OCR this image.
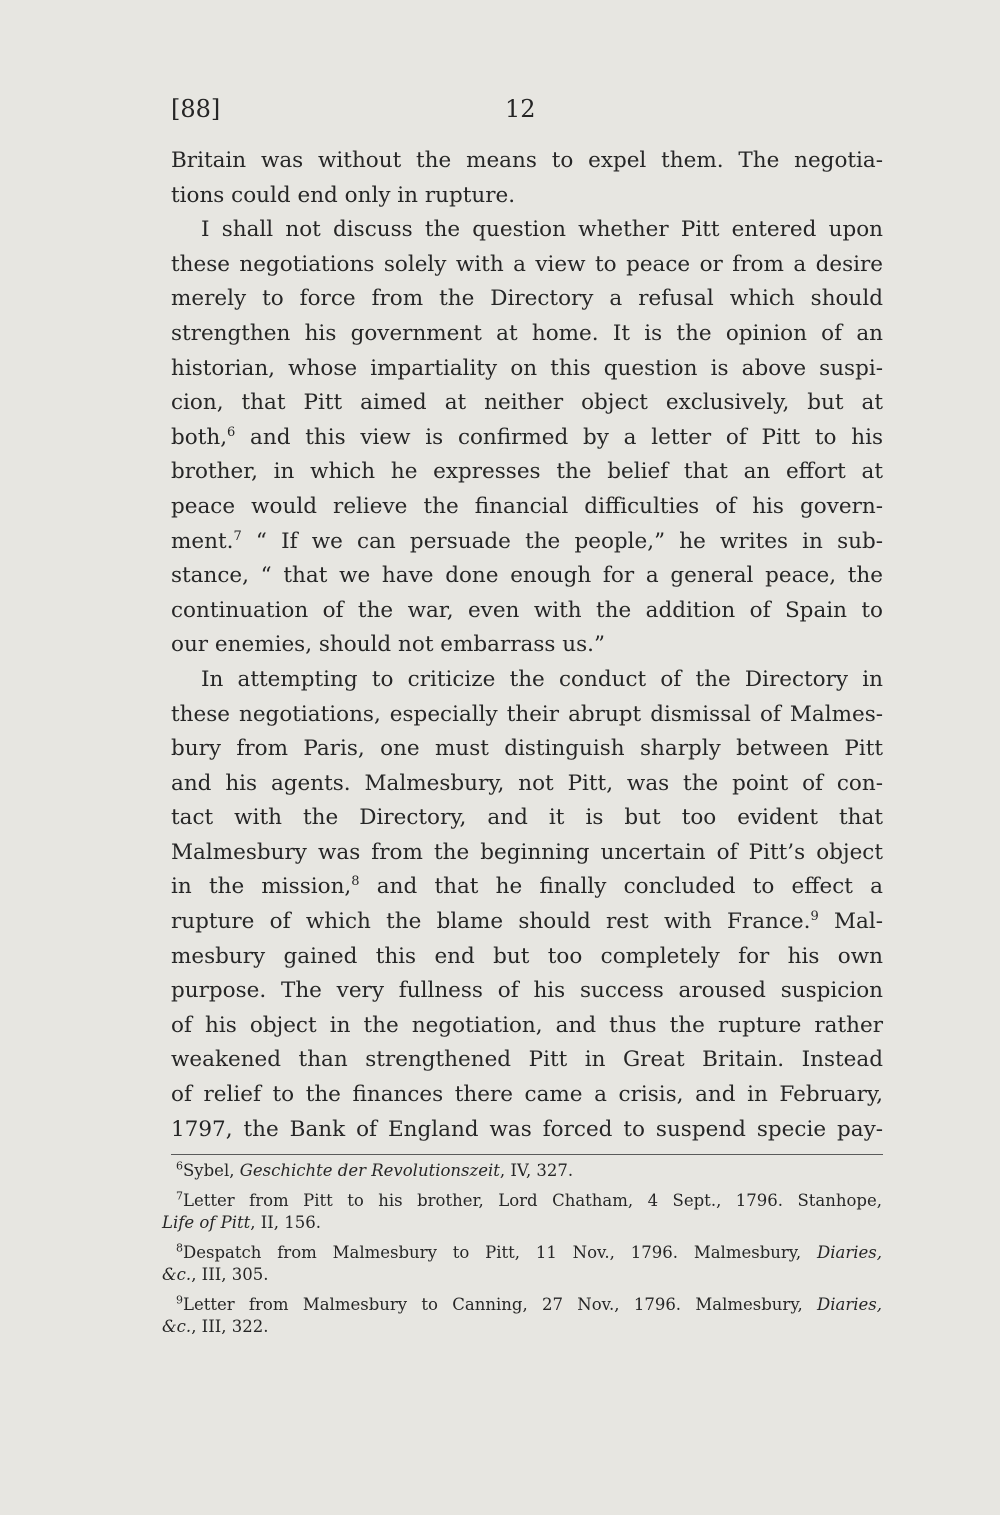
[88]	12
Britain was without the means to expel them. The negotia-
tions could end only in rupture.
I shall not discuss the question whether Pitt entered upon
these negotiations solely with a view to peace or from a desire
merely to force from the Directory a refusal which should
strengthen his government at home. It is the opinion of an
historian, whose impartiality on this question is above suspi-
cion, that Pitt aimed at neither object exclusively, but at
both,$^6$ and this view is confirmed by a letter of Pitt to his
brother, in which he expresses the belief that an effort at
peace would relieve the financial difficulties of his govern-
ment.$^7$ “ If we can persuade the people,” he writes in sub-
stance, “ that we have done enough for a general peace, the
continuation of the war, even with the addition of Spain to
our enemies, should not embarrass us.”
In attempting to criticize the conduct of the Directory in
these negotiations, especially their abrupt dismissal of Malmes-
bury from Paris, one must distinguish sharply between Pitt
and his agents. Malmesbury, not Pitt, was the point of con-
tact with the Directory, and it is but too evident that
Malmesbury was from the beginning uncertain of Pitt’s object
in the mission,$^8$ and that he finally concluded to effect a
rupture of which the blame should rest with France.$^9$ Mal-
mesbury gained this end but too completely for his own
purpose. The very fullness of his success aroused suspicion
of his object in the negotiation, and thus the rupture rather
weakened than strengthened Pitt in Great Britain. Instead
of relief to the finances there came a crisis, and in February,
1797, the Bank of England was forced to suspend specie pay-
$^6$Sybel, Geschichte der Revolutionszeit, IV, 327.
$^7$Letter from Pitt to his brother, Lord Chatham, 4 Sept., 1796. Stanhope,
Life of Pitt, II, 156.
$^8$Despatch from Malmesbury to Pitt, 11 Nov., 1796. Malmesbury, Diaries,
&c., III, 305.
$^9$Letter from Malmesbury to Canning, 27 Nov., 1796. Malmesbury, Diaries,
&c., III, 322.
